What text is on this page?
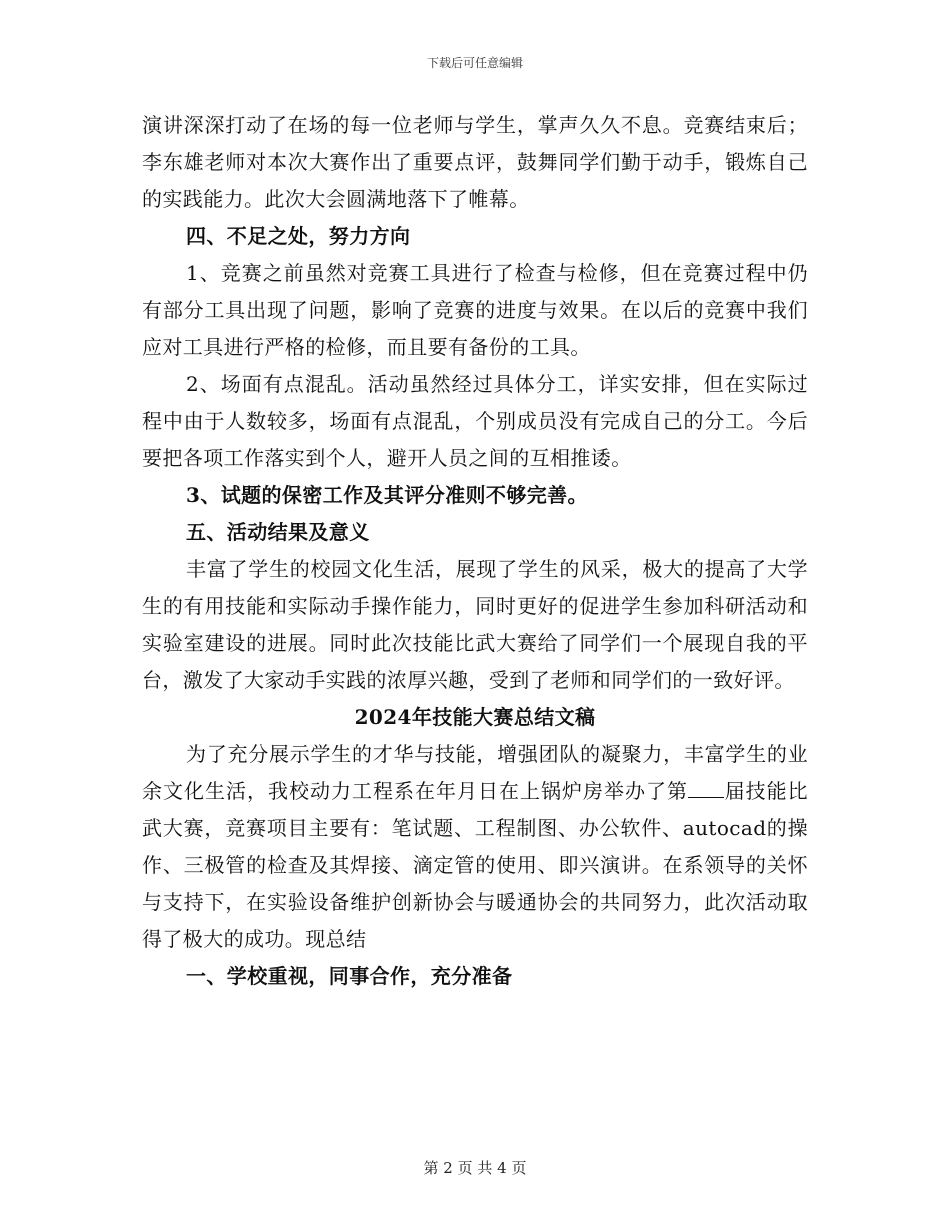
下载后可任意编辑

演讲深深打动了在场的每一位老师与学生，掌声久久不息。竞赛结束后；李东雄老师对本次大赛作出了重要点评，鼓舞同学们勤于动手，锻炼自己的实践能力。此次大会圆满地落下了帷幕。

四、不足之处，努力方向

1、竞赛之前虽然对竞赛工具进行了检查与检修，但在竞赛过程中仍有部分工具出现了问题，影响了竞赛的进度与效果。在以后的竞赛中我们应对工具进行严格的检修，而且要有备份的工具。

2、场面有点混乱。活动虽然经过具体分工，详实安排，但在实际过程中由于人数较多，场面有点混乱，个别成员没有完成自己的分工。今后要把各项工作落实到个人，避开人员之间的互相推诿。

3、试题的保密工作及其评分准则不够完善。

五、活动结果及意义

丰富了学生的校园文化生活，展现了学生的风采，极大的提高了大学生的有用技能和实际动手操作能力，同时更好的促进学生参加科研活动和实验室建设的进展。同时此次技能比武大赛给了同学们一个展现自我的平台，激发了大家动手实践的浓厚兴趣，受到了老师和同学们的一致好评。

2024年技能大赛总结文稿

为了充分展示学生的才华与技能，增强团队的凝聚力，丰富学生的业余文化生活，我校动力工程系在年月日在上锅炉房举办了第 届技能比武大赛，竞赛项目主要有：笔试题、工程制图、办公软件、autocad的操作、三极管的检查及其焊接、滴定管的使用、即兴演讲。在系领导的关怀与支持下，在实验设备维护创新协会与暖通协会的共同努力，此次活动取得了极大的成功。现总结

一、学校重视，同事合作，充分准备

第 2 页 共 4 页
